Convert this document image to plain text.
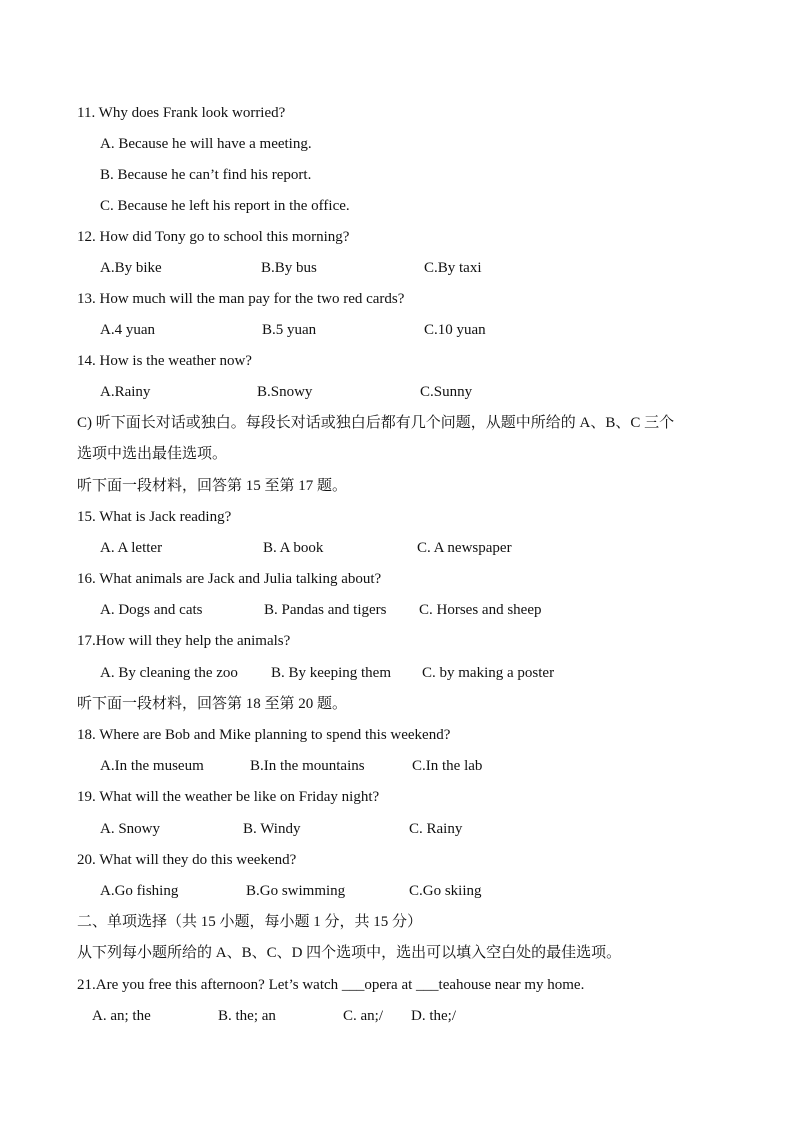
11. Why does Frank look worried?
A. Because he will have a meeting.
B. Because he can’t find his report.
C. Because he left his report in the office.
12. How did Tony go to school this morning?
A.By bike	B.By bus	C.By taxi
13. How much will the man pay for the two red cards?
A.4 yuan	B.5 yuan	C.10 yuan
14. How is the weather now?
A.Rainy	B.Snowy	C.Sunny
C) 听下面长对话或独白。每段长对话或独白后都有几个问题，从题中所给的 A、B、C 三个
选项中选出最佳选项。
听下面一段材料，回答第 15 至第 17 题。
15. What is Jack reading?
A. A letter	B. A book	C. A newspaper
16. What animals are Jack and Julia talking about?
A. Dogs and cats	B. Pandas and tigers C. Horses and sheep
17.How will they help the animals?
A. By cleaning the zoo B. By keeping them C. by making a poster
听下面一段材料，回答第 18 至第 20 题。
18. Where are Bob and Mike planning to spend this weekend?
A.In the museum	B.In the mountains	C.In the lab
19. What will the weather be like on Friday night?
A. Snowy	B. Windy	C. Rainy
20. What will they do this weekend?
A.Go fishing	B.Go swimming	C.Go skiing
二、单项选择（共 15 小题，每小题 1 分，共 15 分）
从下列每小题所给的 A、B、C、D 四个选项中，选出可以填入空白处的最佳选项。
21.Are you free this afternoon? Let’s watch ___opera at ___teahouse near my home.
A. an; the	B. the; an	C. an;/ D. the;/
